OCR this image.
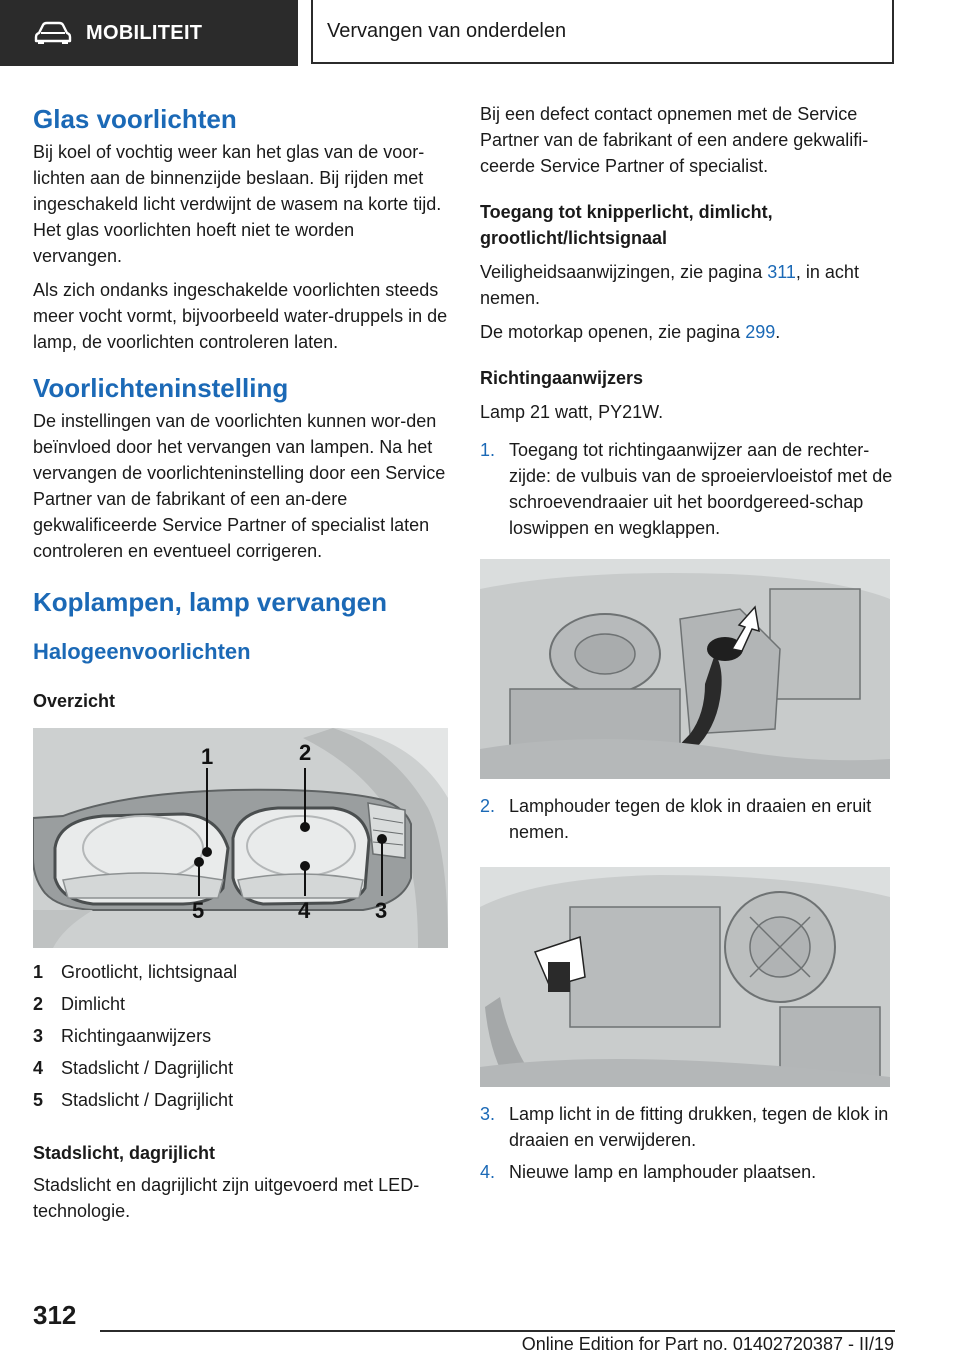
MOBILITEIT	Vervangen van onderdelen
Glas voorlichten

Bij koel of vochtig weer kan het glas van de voor-lichten aan de binnenzijde beslaan. Bij rijden met ingeschakeld licht verdwijnt de wasem na korte tijd. Het glas voorlichten hoeft niet te worden vervangen.

Als zich ondanks ingeschakelde voorlichten steeds meer vocht vormt, bijvoorbeeld water-druppels in de lamp, de voorlichten controleren laten.

Voorlichteninstelling

De instellingen van de voorlichten kunnen wor-den beïnvloed door het vervangen van lampen. Na het vervangen de voorlichteninstelling door een Service Partner van de fabrikant of een an-dere gekwalificeerde Service Partner of specialist laten controleren en eventueel corrigeren.

Koplampen, lamp vervangen
Halogeenvoorlichten
Overzicht
1	2
3
4
5
1 Grootlicht, lichtsignaal
2 Dimlicht
3 Richtingaanwijzers
4 Stadslicht / Dagrijlicht
5 Stadslicht / Dagrijlicht
Stadslicht, dagrijlicht

Stadslicht en dagrijlicht zijn uitgevoerd met LED-technologie.

Bij een defect contact opnemen met de Service Partner van de fabrikant of een andere gekwalifi-ceerde Service Partner of specialist.

Toegang tot knipperlicht, dimlicht, grootlicht/lichtsignaal

Veiligheidsaanwijzingen, zie pagina 311, in acht nemen.

De motorkap openen, zie pagina 299.

Richtingaanwijzers

Lamp 21 watt, PY21W.

1. Toegang tot richtingaanwijzer aan de rechter-zijde: de vulbuis van de sproeiervloeistof met de schroevendraaier uit het boordgereed-schap loswippen en wegklappen.
2. Lamphouder tegen de klok in draaien en eruit nemen.
3. Lamp licht in de fitting drukken, tegen de klok in draaien en verwijderen.
4. Nieuwe lamp en lamphouder plaatsen.
312
Online Edition for Part no. 01402720387 - II/19
